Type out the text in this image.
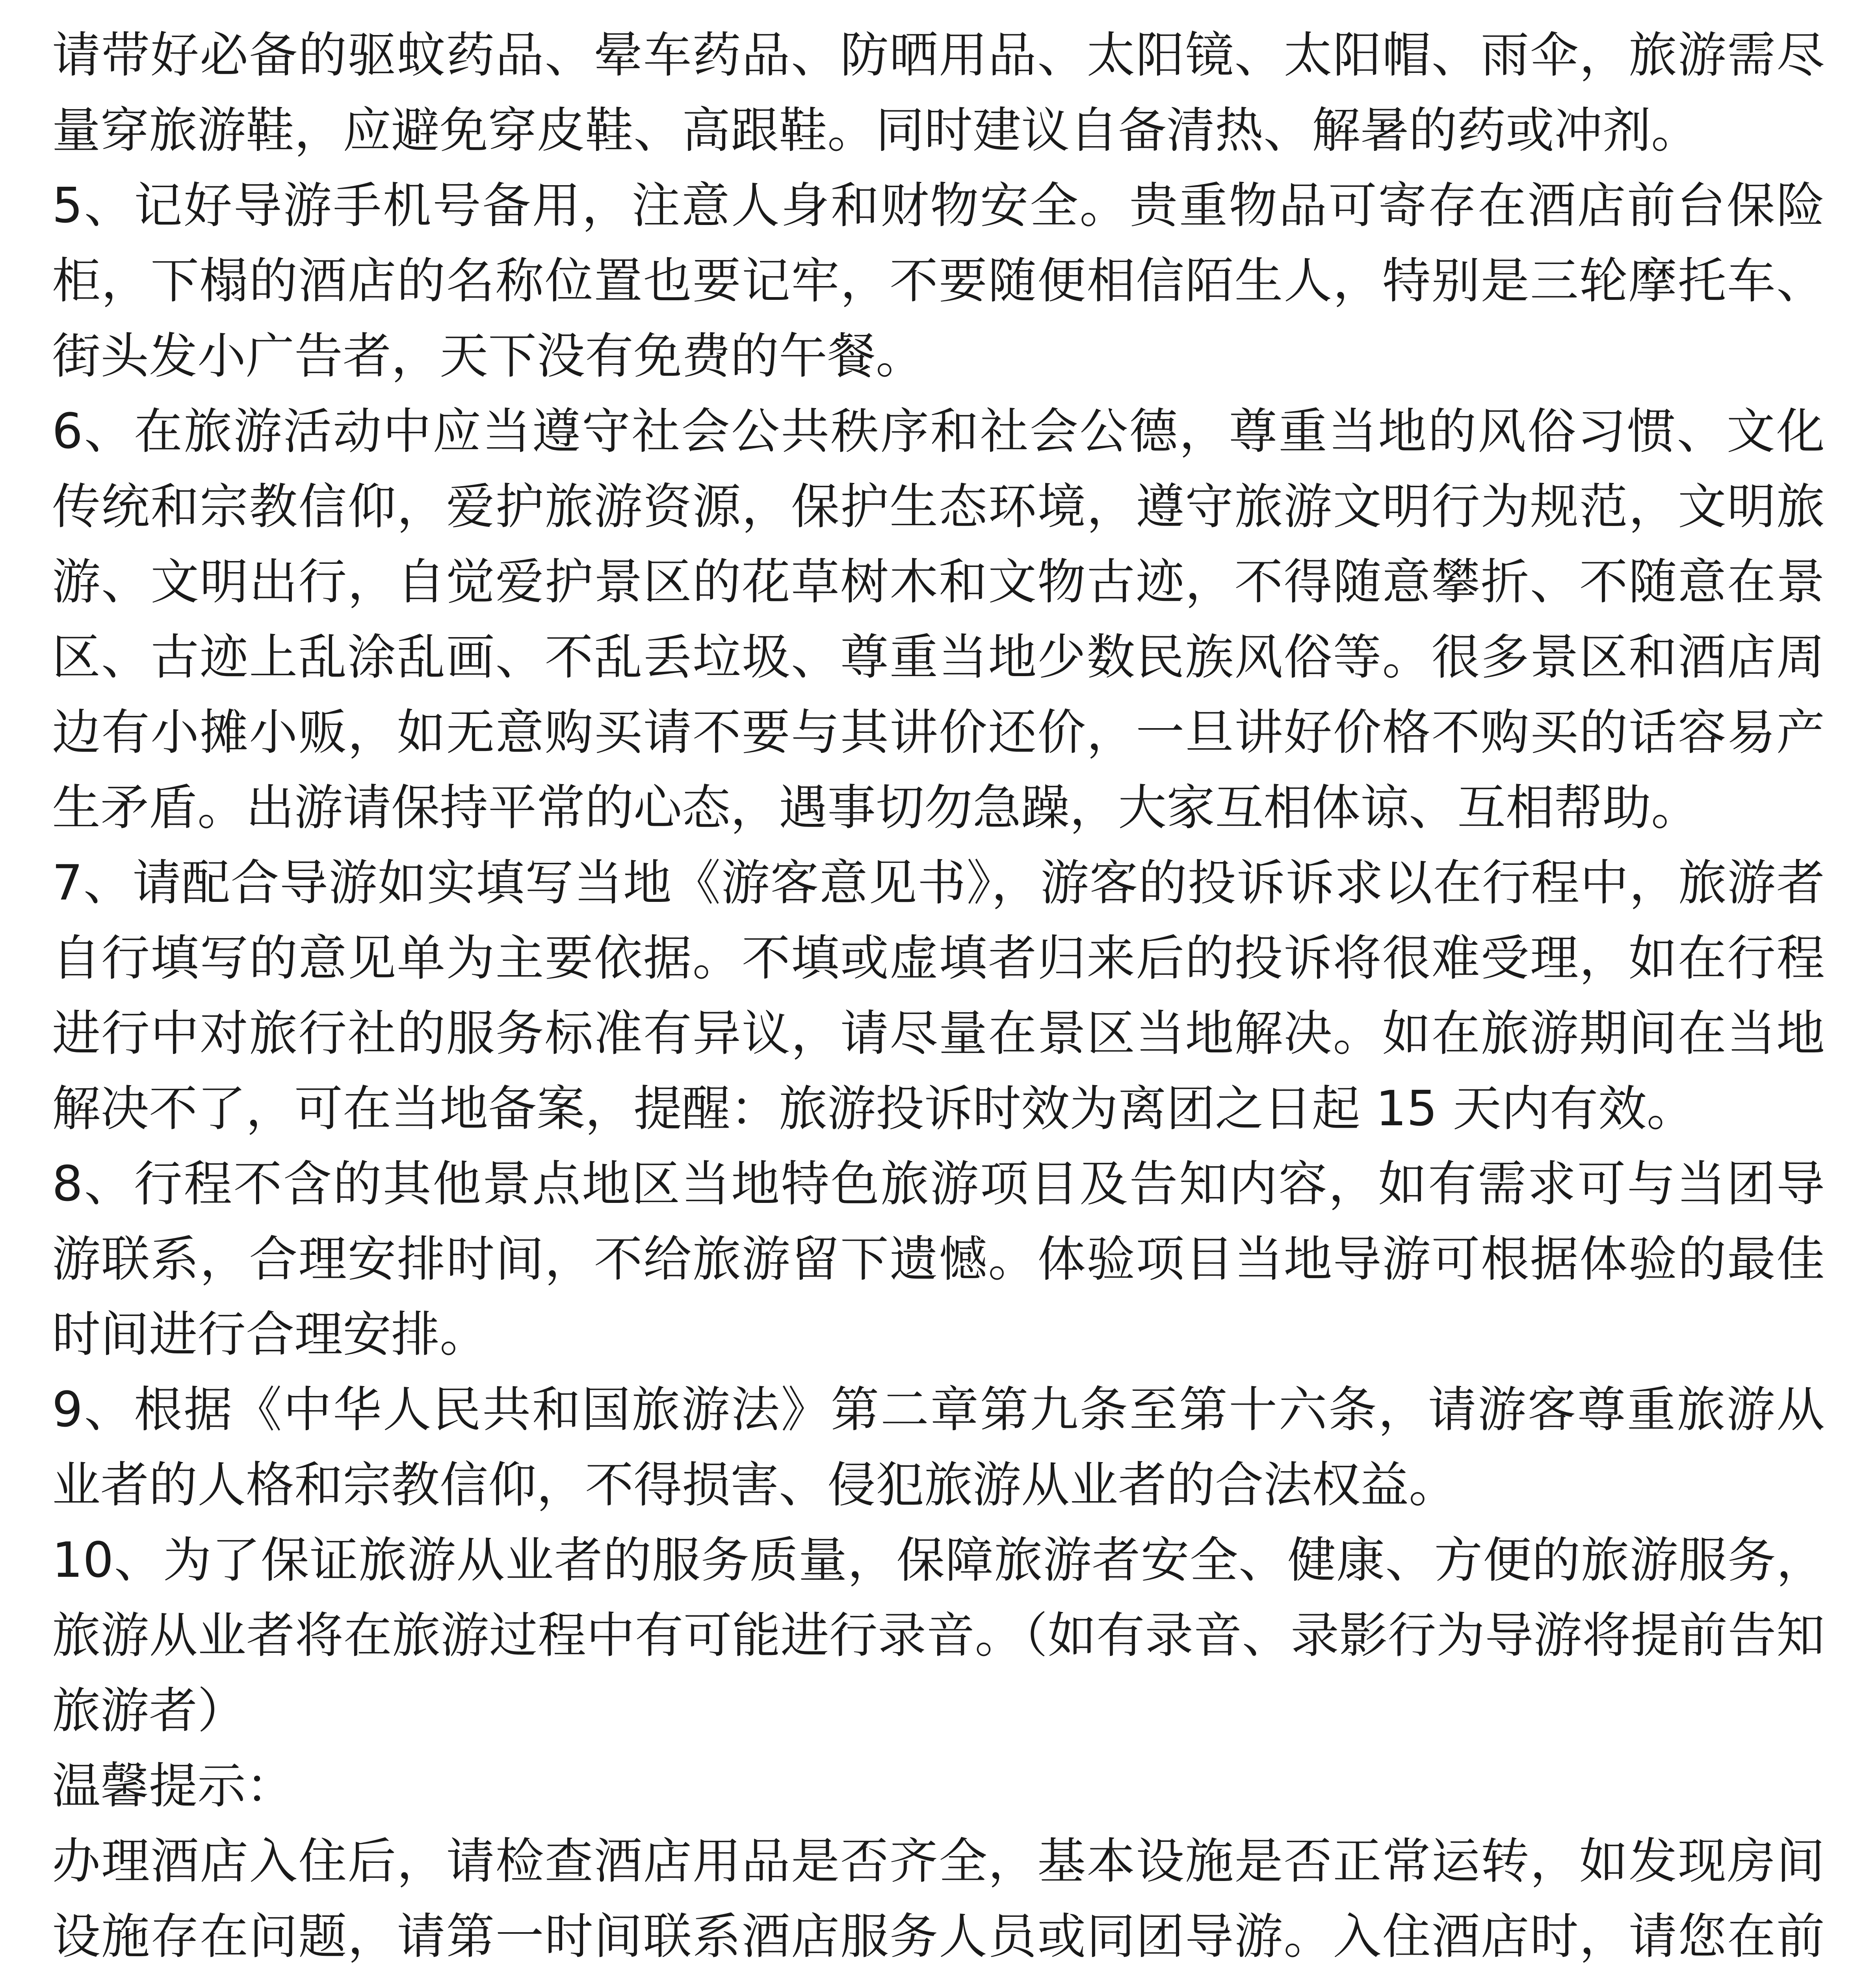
请带好必备的驱蚊药品、晕车药品、防晒用品、太阳镜、太阳帽、雨伞，旅游需尽量穿旅游鞋，应避免穿皮鞋、高跟鞋。同时建议自备清热、解暑的药或冲剂。

5、记好导游手机号备用，注意人身和财物安全。贵重物品可寄存在酒店前台保险柜，下榻的酒店的名称位置也要记牢，不要随便相信陌生人，特别是三轮摩托车、街头发小广告者，天下没有免费的午餐。

6、在旅游活动中应当遵守社会公共秩序和社会公德，尊重当地的风俗习惯、文化传统和宗教信仰，爱护旅游资源，保护生态环境，遵守旅游文明行为规范，文明旅游、文明出行，自觉爱护景区的花草树木和文物古迹，不得随意攀折、不随意在景区、古迹上乱涂乱画、不乱丢垃圾、尊重当地少数民族风俗等。很多景区和酒店周边有小摊小贩，如无意购买请不要与其讲价还价，一旦讲好价格不购买的话容易产生矛盾。出游请保持平常的心态，遇事切勿急躁，大家互相体谅、互相帮助。

7、请配合导游如实填写当地《游客意见书》，游客的投诉诉求以在行程中，旅游者自行填写的意见单为主要依据。不填或虚填者归来后的投诉将很难受理，如在行程进行中对旅行社的服务标准有异议，请尽量在景区当地解决。如在旅游期间在当地解决不了，可在当地备案，提醒：旅游投诉时效为离团之日起 15 天内有效。

8、行程不含的其他景点地区当地特色旅游项目及告知内容，如有需求可与当团导游联系，合理安排时间，不给旅游留下遗憾。体验项目当地导游可根据体验的最佳时间进行合理安排。

9、根据《中华人民共和国旅游法》第二章第九条至第十六条，请游客尊重旅游从业者的人格和宗教信仰，不得损害、侵犯旅游从业者的合法权益。

10、为了保证旅游从业者的服务质量，保障旅游者安全、健康、方便的旅游服务，旅游从业者将在旅游过程中有可能进行录音。（如有录音、录影行为导游将提前告知旅游者）

温馨提示：

办理酒店入住后，请检查酒店用品是否齐全，基本设施是否正常运转，如发现房间设施存在问题，请第一时间联系酒店服务人员或同团导游。入住酒店时，请您在前
